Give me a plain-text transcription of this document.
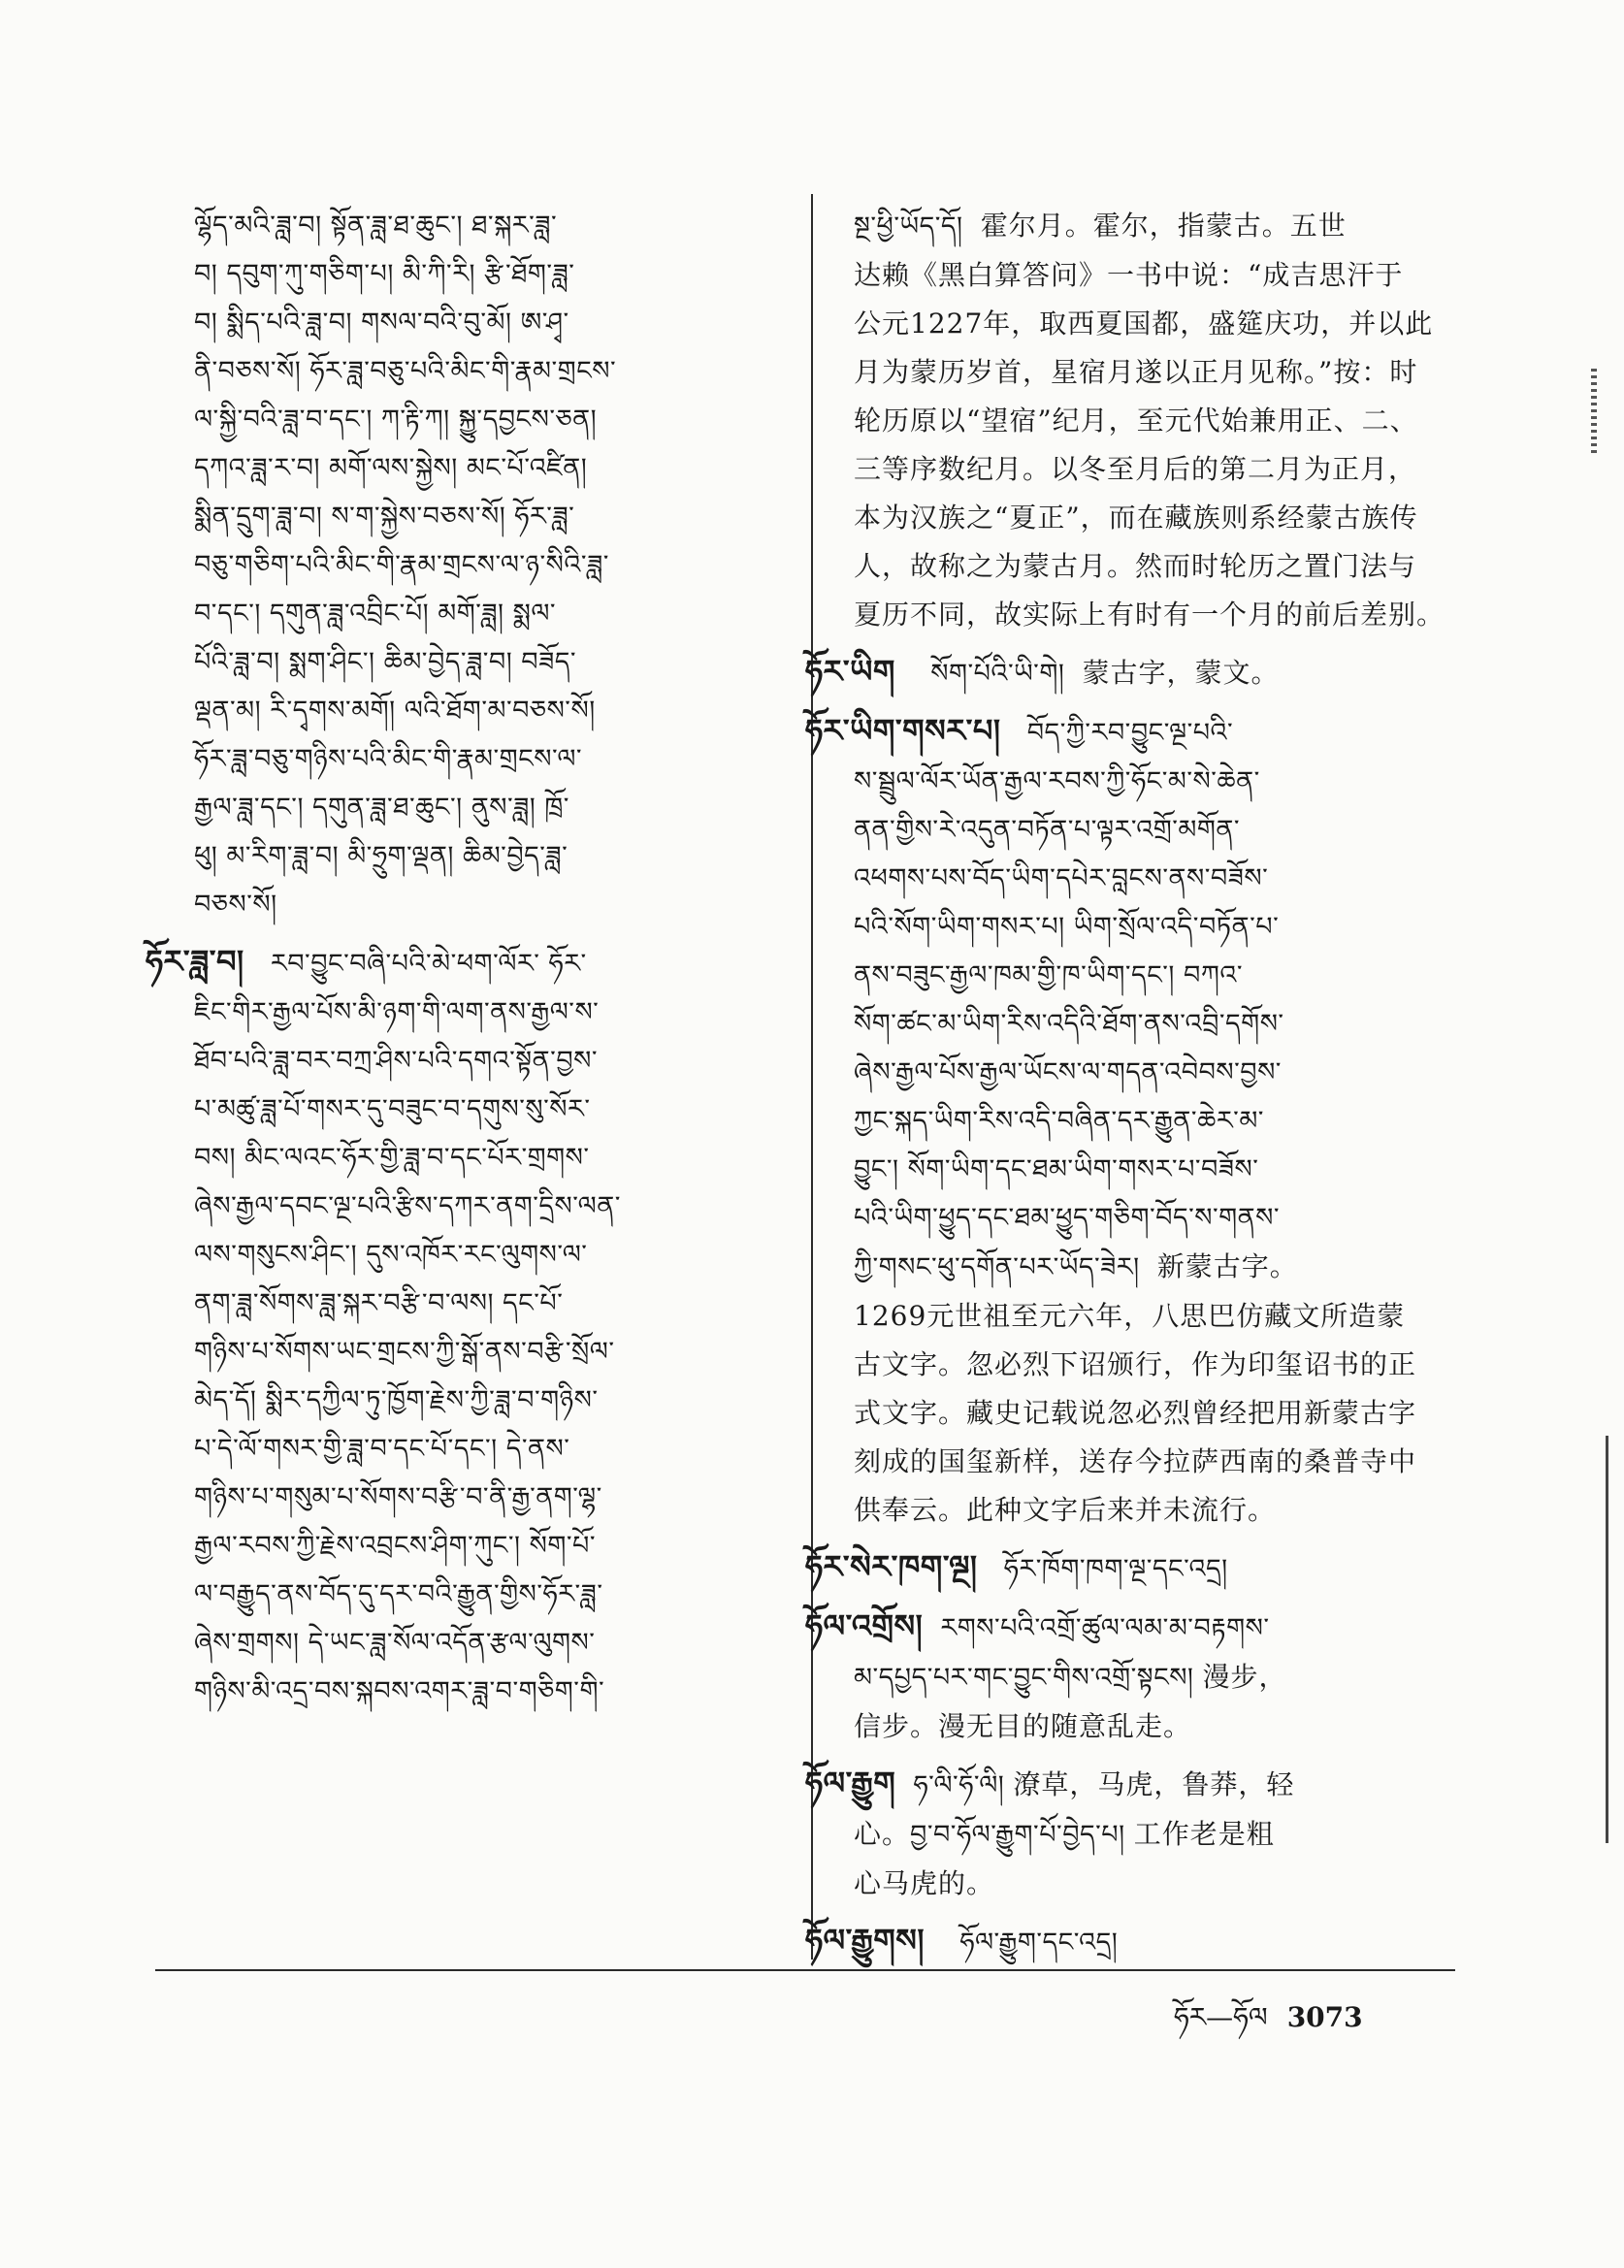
ལྷོད་མའི་ཟླ་བ། སྟོན་ཟླ་ཐ་ཆུང་། ཐ་སྐར་ཟླ་
བ། དབུག་ཀུ་གཅིག་པ། མི་ཀི་རི། རྩི་ཐོག་ཟླ་
བ། སྨིད་པའི་ཟླ་བ། གསལ་བའི་བུ་མོ། ཨ་ཤྭ་
ནི་བཅས་སོ། ཧོར་ཟླ་བཅུ་པའི་མིང་གི་རྣམ་གྲངས་
ལ་སྐྱི་བའི་ཟླ་བ་དང་། ཀ་རྟི་ཀ། སྐྱུ་དབྱངས་ཅན།
དཀའ་ཟླ་ར་བ། མགོ་ལས་སྐྱེས། མང་པོ་འཛིན།
སྨིན་དྲུག་ཟླ་བ། ས་ག་སྐྱེས་བཅས་སོ། ཧོར་ཟླ་
བཅུ་གཅིག་པའི་མིང་གི་རྣམ་གྲངས་ལ་ཉ་སིའི་ཟླ་
བ་དང་། དགུན་ཟླ་འབྲིང་པོ། མགོ་ཟླ། སྨལ་
པོའི་ཟླ་བ། སྨག་ཤིང་། ཆིམ་བྱེད་ཟླ་བ། བཟོད་
ལྡན་མ། རི་དྭགས་མགོ། ལའི་ཐོག་མ་བཅས་སོ།
ཧོར་ཟླ་བཅུ་གཉིས་པའི་མིང་གི་རྣམ་གྲངས་ལ་
རྒྱལ་ཟླ་དང་། དགུན་ཟླ་ཐ་ཆུང་། ནུས་ཟླ། ཁྲོ་
ཕུ། མ་རིག་ཟླ་བ། མི་ཧྲུག་ལྡན། ཆིམ་བྱེད་ཟླ་
བཅས་སོ།
ཧོར་ཟླ་བ། རབ་བྱུང་བཞི་པའི་མེ་ཕག་ལོར་ ཧོར་
ཇིང་གིར་རྒྱལ་པོས་མི་ཉག་གི་ལག་ནས་རྒྱལ་ས་
ཐོབ་པའི་ཟླ་བར་བཀྲ་ཤིས་པའི་དགའ་སྟོན་བྱས་
པ་མཚུ་ཟླ་པོ་གསར་དུ་བཟུང་བ་དགུས་སུ་སོར་
བས། མིང་ལའང་ཧོར་གྱི་ཟླ་བ་དང་པོར་གྲགས་
ཞེས་རྒྱལ་དབང་ལྔ་པའི་རྩིས་དཀར་ནག་དྲིས་ལན་
ལས་གསུངས་ཤིང་། དུས་འཁོར་རང་ལུགས་ལ་
ནག་ཟླ་སོགས་ཟླ་སྐར་བརྩི་བ་ལས། དང་པོ་
གཉིས་པ་སོགས་ཡང་གྲངས་ཀྱི་སྒོ་ནས་བརྩི་སྲོལ་
མེད་དོ། སྨིར་དཀྱིལ་ཏུ་ཁྱོག་རྗེས་ཀྱི་ཟླ་བ་གཉིས་
པ་དེ་ལོ་གསར་གྱི་ཟླ་བ་དང་པོ་དང་། དེ་ནས་
གཉིས་པ་གསུམ་པ་སོགས་བརྩི་བ་ནི་རྒྱ་ནག་ལྷ་
རྒྱལ་རབས་ཀྱི་རྗེས་འབྲངས་ཤིག་ཀུང་། སོག་པོ་
ལ་བརྒྱུད་ནས་བོད་དུ་དར་བའི་རྒྱུན་གྱིས་ཧོར་ཟླ་
ཞེས་གྲགས། དེ་ཡང་ཟླ་སོལ་འདོན་རྩལ་ལུགས་
གཉིས་མི་འདྲ་བས་སྐབས་འགར་ཟླ་བ་གཅིག་གི་
སྔ་ཕྱི་ཡོད་དོ། 霍尔月。霍尔，指蒙古。五世
达赖《黑白算答问》一书中说：“成吉思汗于
公元1227年，取西夏国都，盛筵庆功，并以此
月为蒙历岁首，星宿月遂以正月见称。”按：时
轮历原以“望宿”纪月，至元代始兼用正、二、
三等序数纪月。以冬至月后的第二月为正月，
本为汉族之“夏正”，而在藏族则系经蒙古族传
人，故称之为蒙古月。然而时轮历之置门法与
夏历不同，故实际上有时有一个月的前后差别。
ཧོར་ཡིག སོག་པོའི་ཡི་གེ། 蒙古字，蒙文。
ཧོར་ཡིག་གསར་པ། བོད་ཀྱི་རབ་བྱུང་ལྔ་པའི་
ས་སྦྲུལ་ལོར་ཡོན་རྒྱལ་རབས་ཀྱི་ཧོང་མ་སེ་ཆེན་
ནན་གྱིས་རེ་འདུན་བཏོན་པ་ལྟར་འགྲོ་མགོན་
འཕགས་པས་བོད་ཡིག་དཔེར་བླངས་ནས་བཟོས་
པའི་སོག་ཡིག་གསར་པ། ཡིག་སྲོལ་འདི་བཏོན་པ་
ནས་བཟུང་རྒྱལ་ཁམ་གྱི་ཁ་ཡིག་དང་། བཀའ་
སོག་ཚང་མ་ཡིག་རིས་འདིའི་ཐོག་ནས་འབྲི་དགོས་
ཞེས་རྒྱལ་པོས་རྒྱལ་ཡོངས་ལ་གདན་འབེབས་བྱས་
ཀྱང་སྐད་ཡིག་རིས་འདི་བཞིན་དར་རྒྱུན་ཆེར་མ་
བྱུང་། སོག་ཡིག་དང་ཐམ་ཡིག་གསར་པ་བཟོས་
པའི་ཡིག་ཕྱུད་དང་ཐམ་ཕྱུད་གཅིག་བོད་ས་གནས་
ཀྱི་གསང་ཕུ་དགོན་པར་ཡོད་ཟེར། 新蒙古字。
1269元世祖至元六年，八思巴仿藏文所造蒙
古文字。忽必烈下诏颁行，作为印玺诏书的正
式文字。藏史记载说忽必烈曾经把用新蒙古字
刻成的国玺新样，送存今拉萨西南的桑普寺中
供奉云。此种文字后来并未流行。
ཧོར་སེར་ཁག་ལྔ། ཧོར་ཁོག་ཁག་ལྔ་དང་འདྲ།
ཧོལ་འགྲོས། རགས་པའི་འགྲོ་ཚུལ་ལམ་མ་བརྟགས་
མ་དཔྱད་པར་གང་བྱུང་གིས་འགྲོ་སྟངས། 漫步，
信步。漫无目的随意乱走。
ཧོལ་རྒྱུག ཧ་ལི་ཧོ་ལི། 潦草，马虎，鲁莽，轻
心。བྱ་བ་ཧོལ་རྒྱུག་པོ་བྱེད་པ། 工作老是粗
心马虎的。
ཧོལ་རྒྱུགས། ཧོལ་རྒྱུག་དང་འདྲ།
ཧོར—ཧོལ 3073
